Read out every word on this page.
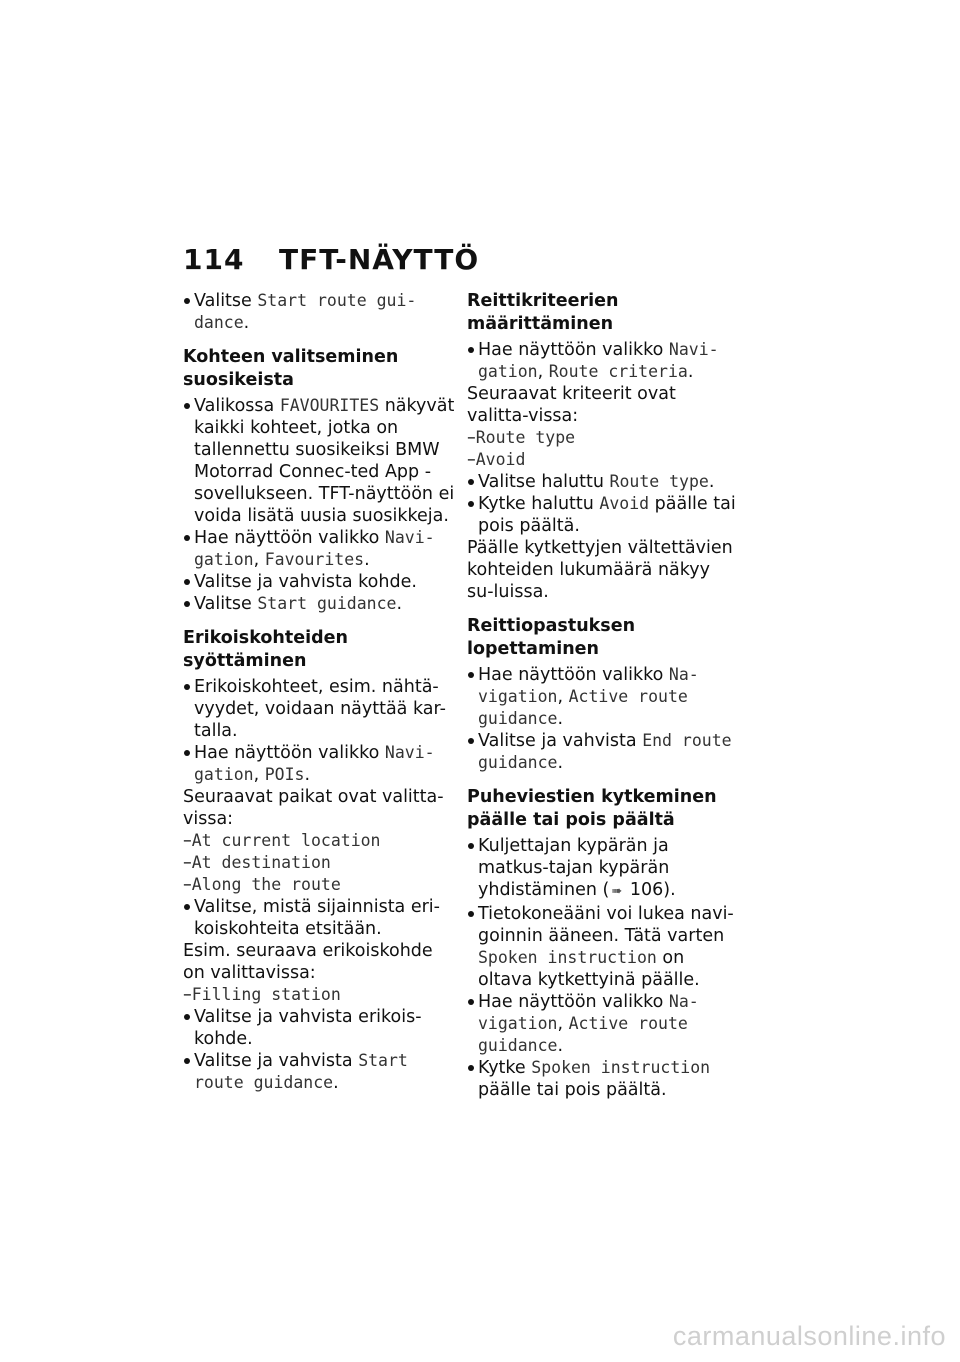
114 TFT-NÄYTTÖ

Valitse Start route gui-dance.

Kohteen valitseminen suosikeista

Valikossa FAVOURITES näkyvät kaikki kohteet, jotka on tallennettu suosikeiksi BMW Motorrad Connec-ted App -sovellukseen. TFT-näyttöön ei voida lisätä uusia suosikkeja.

Hae näyttöön valikko Navi-gation, Favourites.

Valitse ja vahvista kohde.

Valitse Start guidance.

Erikoiskohteiden syöttäminen

Erikoiskohteet, esim. nähtä-vyydet, voidaan näyttää kar-talla.

Hae näyttöön valikko Navi-gation, POIs.

Seuraavat paikat ovat valitta-vissa:

–At current location

–At destination

–Along the route

Valitse, mistä sijainnista eri-koiskohteita etsitään.

Esim. seuraava erikoiskohde on valittavissa:

–Filling station

Valitse ja vahvista erikois-kohde.

Valitse ja vahvista Start route guidance.

Reittikriteerien määrittäminen

Hae näyttöön valikko Navi-gation, Route criteria.

Seuraavat kriteerit ovat valitta-vissa:

–Route type

–Avoid

Valitse haluttu Route type.

Kytke haluttu Avoid päälle tai pois päältä.

Päälle kytkettyjen vältettävien kohteiden lukumäärä näkyy su-luissa.

Reittiopastuksen lopettaminen

Hae näyttöön valikko Na-vigation, Active route guidance.

Valitse ja vahvista End route guidance.

Puheviestien kytkeminen päälle tai pois päältä

Kuljettajan kypärän ja matkus-tajan kypärän yhdistäminen ( ➠ 106).

Tietokoneääni voi lukea navi-goinnin ääneen. Tätä varten Spoken instruction on oltava kytkettyinä päälle.

Hae näyttöön valikko Na-vigation, Active route guidance.

Kytke Spoken instruction päälle tai pois päältä.

carmanualsonline.info
